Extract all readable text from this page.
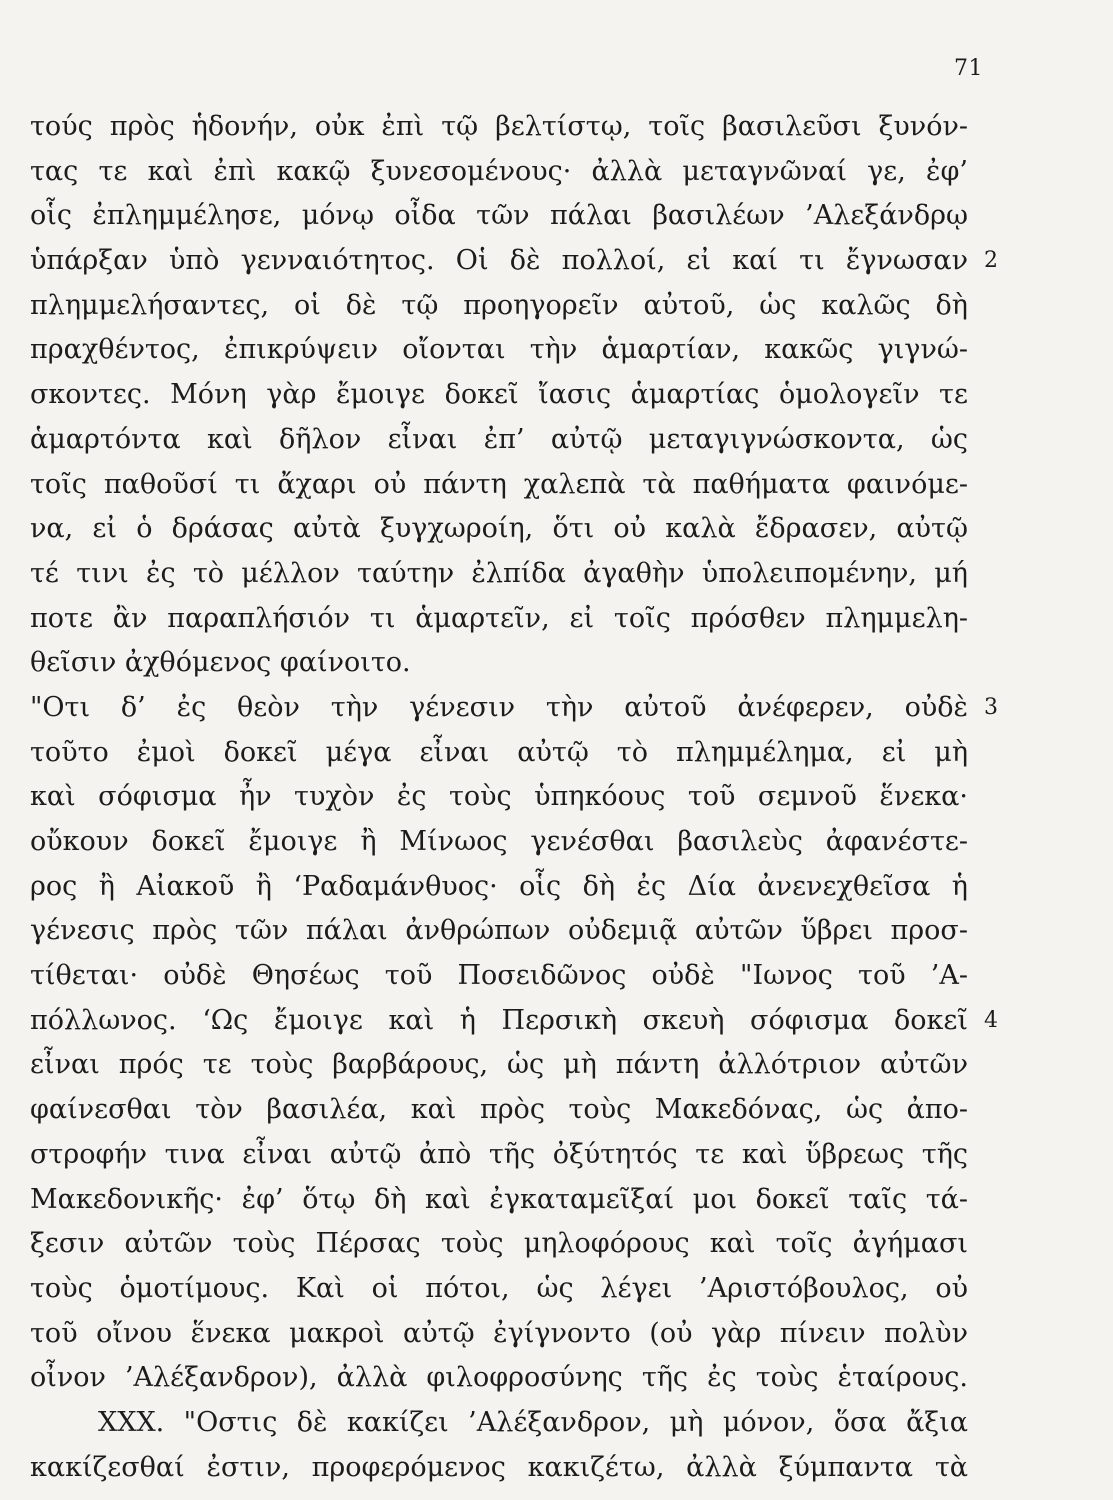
71
τούς πρὸς ἡδονήν, οὐκ ἐπὶ τῷ βελτίστῳ, τοῖς βασιλεῦσι ξυνόν-
τας τε καὶ ἐπὶ κακῷ ξυνεσομένους· ἀλλὰ μεταγνῶναί γε, ἐφ’
οἷς ἐπλημμέλησε, μόνῳ οἶδα τῶν πάλαι βασιλέων ’Αλεξάνδρῳ
ὑπάρξαν ὑπὸ γενναιότητος. Οἱ δὲ πολλοί, εἰ καί τι ἔγνωσαν 2
πλημμελήσαντες, οἱ δὲ τῷ προηγορεῖν αὐτοῦ, ὡς καλῶς δὴ
πραχθέντος, ἐπικρύψειν οἴονται τὴν ἁμαρτίαν, κακῶς γιγνώ-
σκοντες. Μόνη γὰρ ἔμοιγε δοκεῖ ἴασις ἁμαρτίας ὁμολογεῖν τε
ἁμαρτόντα καὶ δῆλον εἶναι ἐπ’ αὐτῷ μεταγιγνώσκοντα, ὡς
τοῖς παθοῦσί τι ἄχαρι οὐ πάντη χαλεπὰ τὰ παθήματα φαινόμε-
να, εἰ ὁ δράσας αὐτὰ ξυγχωροίη, ὅτι οὐ καλὰ ἔδρασεν, αὐτῷ
τέ τινι ἐς τὸ μέλλον ταύτην ἐλπίδα ἀγαθὴν ὑπολειπομένην, μή
ποτε ἂν παραπλήσιόν τι ἁμαρτεῖν, εἰ τοῖς πρόσθεν πλημμελη-
θεῖσιν ἀχθόμενος φαίνοιτο.
"Οτι δ’ ἐς θεὸν τὴν γένεσιν τὴν αὐτοῦ ἀνέφερεν, οὐδὲ 3
τοῦτο ἐμοὶ δοκεῖ μέγα εἶναι αὐτῷ τὸ πλημμέλημα, εἰ μὴ
καὶ σόφισμα ἦν τυχὸν ἐς τοὺς ὑπηκόους τοῦ σεμνοῦ ἕνεκα·
οὔκουν δοκεῖ ἔμοιγε ἢ Μίνωος γενέσθαι βασιλεὺς ἀφανέστε-
ρος ἢ Αἰακοῦ ἢ ‘Ραδαμάνθυος· οἷς δὴ ἐς Δία ἀνενεχθεῖσα ἡ
γένεσις πρὸς τῶν πάλαι ἀνθρώπων οὐδεμιᾷ αὐτῶν ὕβρει προσ-
τίθεται· οὐδὲ Θησέως τοῦ Ποσειδῶνος οὐδὲ "Ιωνος τοῦ ’Α-
πόλλωνος. ‘Ως ἔμοιγε καὶ ἡ Περσικὴ σκευὴ σόφισμα δοκεῖ 4
εἶναι πρός τε τοὺς βαρβάρους, ὡς μὴ πάντη ἀλλότριον αὐτῶν
φαίνεσθαι τὸν βασιλέα, καὶ πρὸς τοὺς Μακεδόνας, ὡς ἀπο-
στροφήν τινα εἶναι αὐτῷ ἀπὸ τῆς ὀξύτητός τε καὶ ὕβρεως τῆς
Μακεδονικῆς· ἐφ’ ὅτῳ δὴ καὶ ἐγκαταμεῖξαί μοι δοκεῖ ταῖς τά-
ξεσιν αὐτῶν τοὺς Πέρσας τοὺς μηλοφόρους καὶ τοῖς ἀγήμασι
τοὺς ὁμοτίμους. Καὶ οἱ πότοι, ὡς λέγει ’Αριστόβουλος, οὐ
τοῦ οἴνου ἕνεκα μακροὶ αὐτῷ ἐγίγνοντο (οὐ γὰρ πίνειν πολὺν
οἶνον ’Αλέξανδρον), ἀλλὰ φιλοφροσύνης τῆς ἐς τοὺς ἑταίρους.
XXX. "Οστις δὲ κακίζει ’Αλέξανδρον, μὴ μόνον, ὅσα ἄξια
κακίζεσθαί ἐστιν, προφερόμενος κακιζέτω, ἀλλὰ ξύμπαντα τὰ
